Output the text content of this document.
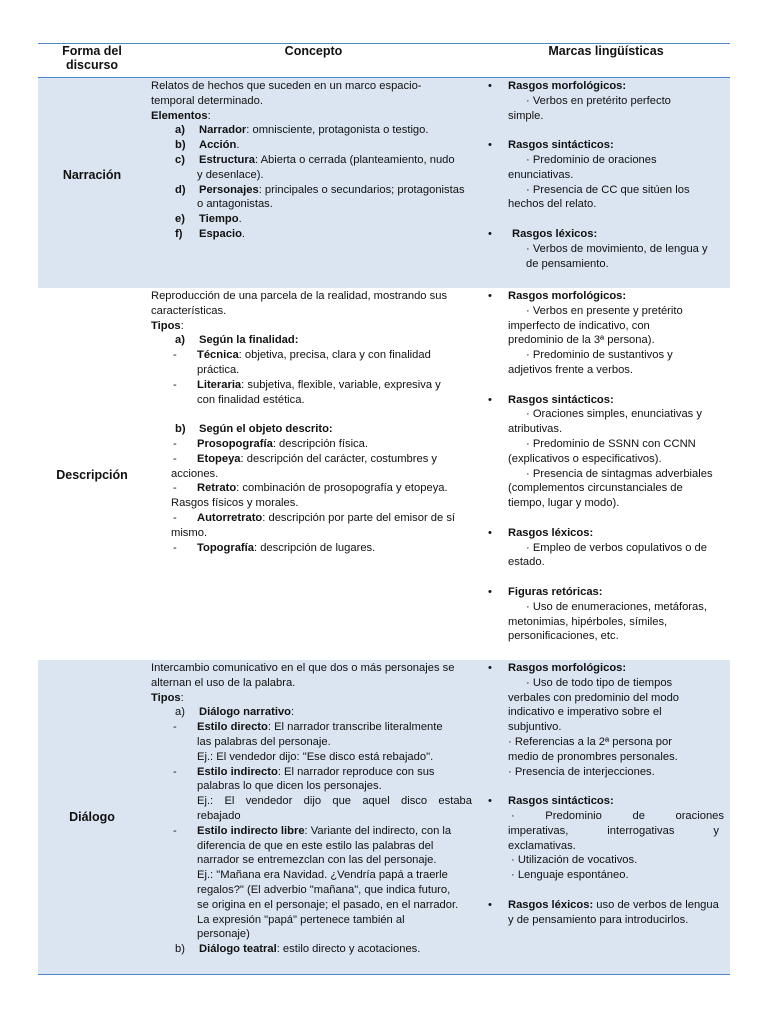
Forma del
discurso
Concepto	Marcas lingüísticas
Narración
Relatos de hechos que suceden en un marco espacio-
temporal determinado.
Elementos:
a) Narrador: omnisciente, protagonista o testigo.
b) Acción.
c) Estructura: Abierta o cerrada (planteamiento, nudo
y desenlace).
d) Personajes: principales o secundarios; protagonistas
o antagonistas.
e) Tiempo.
f) Espacio.
• Rasgos morfológicos:
· Verbos en pretérito perfecto
simple.
• Rasgos sintácticos:
· Predominio de oraciones
enunciativas.
· Presencia de CC que sitúen los
hechos del relato.
• Rasgos léxicos:
· Verbos de movimiento, de lengua y
de pensamiento.
Descripción
Reproducción de una parcela de la realidad, mostrando sus
características.
Tipos:
a) Según la finalidad:
- Técnica: objetiva, precisa, clara y con finalidad
práctica.
- Literaria: subjetiva, flexible, variable, expresiva y
con finalidad estética.
b) Según el objeto descrito:
- Prosopografía: descripción física.
- Etopeya: descripción del carácter, costumbres y
acciones.
- Retrato: combinación de prosopografía y etopeya.
Rasgos físicos y morales.
- Autorretrato: descripción por parte del emisor de sí
mismo.
- Topografía: descripción de lugares.
• Rasgos morfológicos:
· Verbos en presente y pretérito
imperfecto de indicativo, con
predominio de la 3ª persona).
· Predominio de sustantivos y
adjetivos frente a verbos.
• Rasgos sintácticos:
· Oraciones simples, enunciativas y
atributivas.
· Predominio de SSNN con CCNN
(explicativos o especificativos).
· Presencia de sintagmas adverbiales
(complementos circunstanciales de
tiempo, lugar y modo).
• Rasgos léxicos:
· Empleo de verbos copulativos o de
estado.
• Figuras retóricas:
· Uso de enumeraciones, metáforas,
metonimias, hipérboles, símiles,
personificaciones, etc.
Diálogo
Intercambio comunicativo en el que dos o más personajes se
alternan el uso de la palabra.
Tipos:
a) Diálogo narrativo:
- Estilo directo: El narrador transcribe literalmente
las palabras del personaje.
Ej.: El vendedor dijo: "Ese disco está rebajado".
- Estilo indirecto: El narrador reproduce con sus
palabras lo que dicen los personajes.
Ej.: El vendedor dijo que aquel disco estaba
rebajado
- Estilo indirecto libre: Variante del indirecto, con la
diferencia de que en este estilo las palabras del
narrador se entremezclan con las del personaje.
Ej.: "Mañana era Navidad. ¿Vendría papá a traerle
regalos?" (El adverbio "mañana", que indica futuro,
se origina en el personaje; el pasado, en el narrador.
La expresión "papá" pertenece también al
personaje)
b) Diálogo teatral: estilo directo y acotaciones.
• Rasgos morfológicos:
· Uso de todo tipo de tiempos
verbales con predominio del modo
indicativo e imperativo sobre el
subjuntivo.
· Referencias a la 2ª persona por
medio de pronombres personales.
· Presencia de interjecciones.
• Rasgos sintácticos:
· Predominio de oraciones
imperativas, interrogativas y
exclamativas.
· Utilización de vocativos.
· Lenguaje espontáneo.
• Rasgos léxicos: uso de verbos de lengua
y de pensamiento para introducirlos.
